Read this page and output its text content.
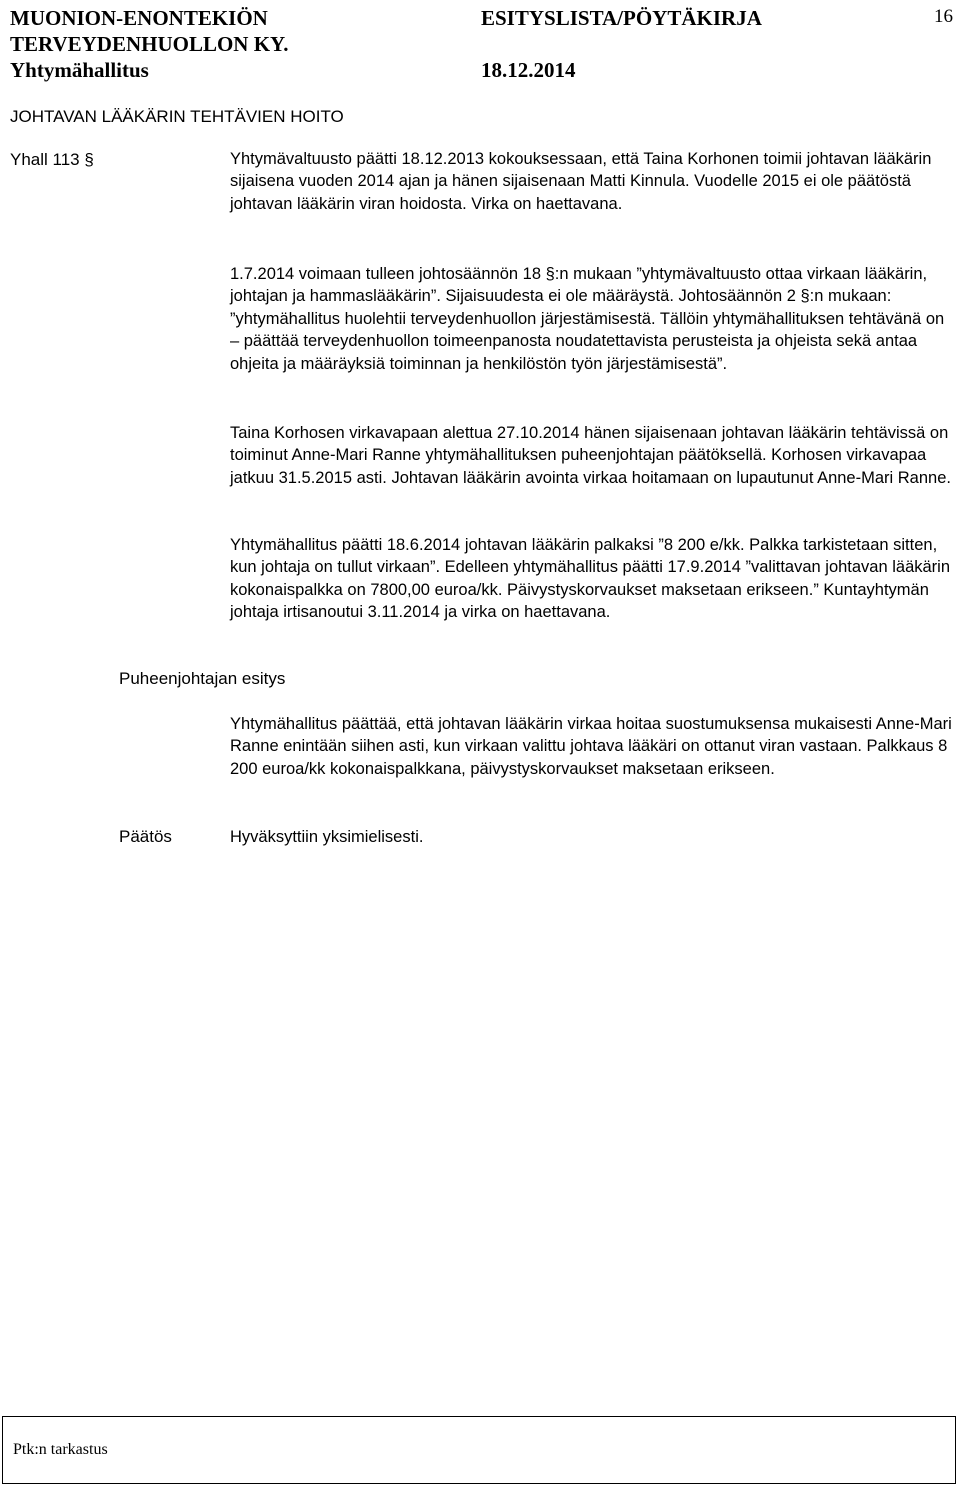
MUONION-ENONTEKIÖN
TERVEYDENHUOLLON KY.
Yhtymähallitus
ESITYSLISTA/PÖYTÄKIRJA
18.12.2014
16
JOHTAVAN LÄÄKÄRIN TEHTÄVIEN HOITO
Yhall 113 §	Yhtymävaltuusto päätti 18.12.2013 kokouksessaan, että Taina Korhonen toimii johtavan lääkärin sijaisena vuoden 2014 ajan ja hänen sijaisenaan Matti Kinnula. Vuodelle 2015 ei ole päätöstä johtavan lääkärin viran hoidosta. Virka on haettavana.
1.7.2014 voimaan tulleen johtosäännön 18 §:n mukaan ”yhtymävaltuusto ottaa virkaan lääkärin, johtajan ja hammaslääkärin”. Sijaisuudesta ei ole määräystä. Johtosäännön 2 §:n mukaan: ”yhtymähallitus huolehtii terveydenhuollon järjestämisestä. Tällöin yhtymähallituksen tehtävänä on – päättää terveydenhuollon toimeenpanosta noudatettavista perusteista ja ohjeista sekä antaa ohjeita ja määräyksiä toiminnan ja henkilöstön työn järjestämisestä”.
Taina Korhosen virkavapaan alettua 27.10.2014 hänen sijaisenaan johtavan lääkärin tehtävissä on toiminut Anne-Mari Ranne yhtymähallituksen puheenjohtajan päätöksellä. Korhosen virkavapaa jatkuu 31.5.2015 asti. Johtavan lääkärin avointa virkaa hoitamaan on lupautunut Anne-Mari Ranne.
Yhtymähallitus päätti 18.6.2014 johtavan lääkärin palkaksi ”8 200 e/kk. Palkka tarkistetaan sitten, kun johtaja on tullut virkaan”. Edelleen yhtymähallitus päätti 17.9.2014 ”valittavan johtavan lääkärin kokonaispalkka on 7800,00 euroa/kk. Päivystyskorvaukset maksetaan erikseen.” Kuntayhtymän johtaja irtisanoutui 3.11.2014 ja virka on haettavana.
Puheenjohtajan esitys
Yhtymähallitus päättää, että johtavan lääkärin virkaa hoitaa suostumuksensa mukaisesti Anne-Mari Ranne enintään siihen asti, kun virkaan valittu johtava lääkäri on ottanut viran vastaan. Palkkaus 8 200 euroa/kk kokonaispalkkana, päivystyskorvaukset maksetaan erikseen.
Päätös	Hyväksyttiin yksimielisesti.
Ptk:n tarkastus
